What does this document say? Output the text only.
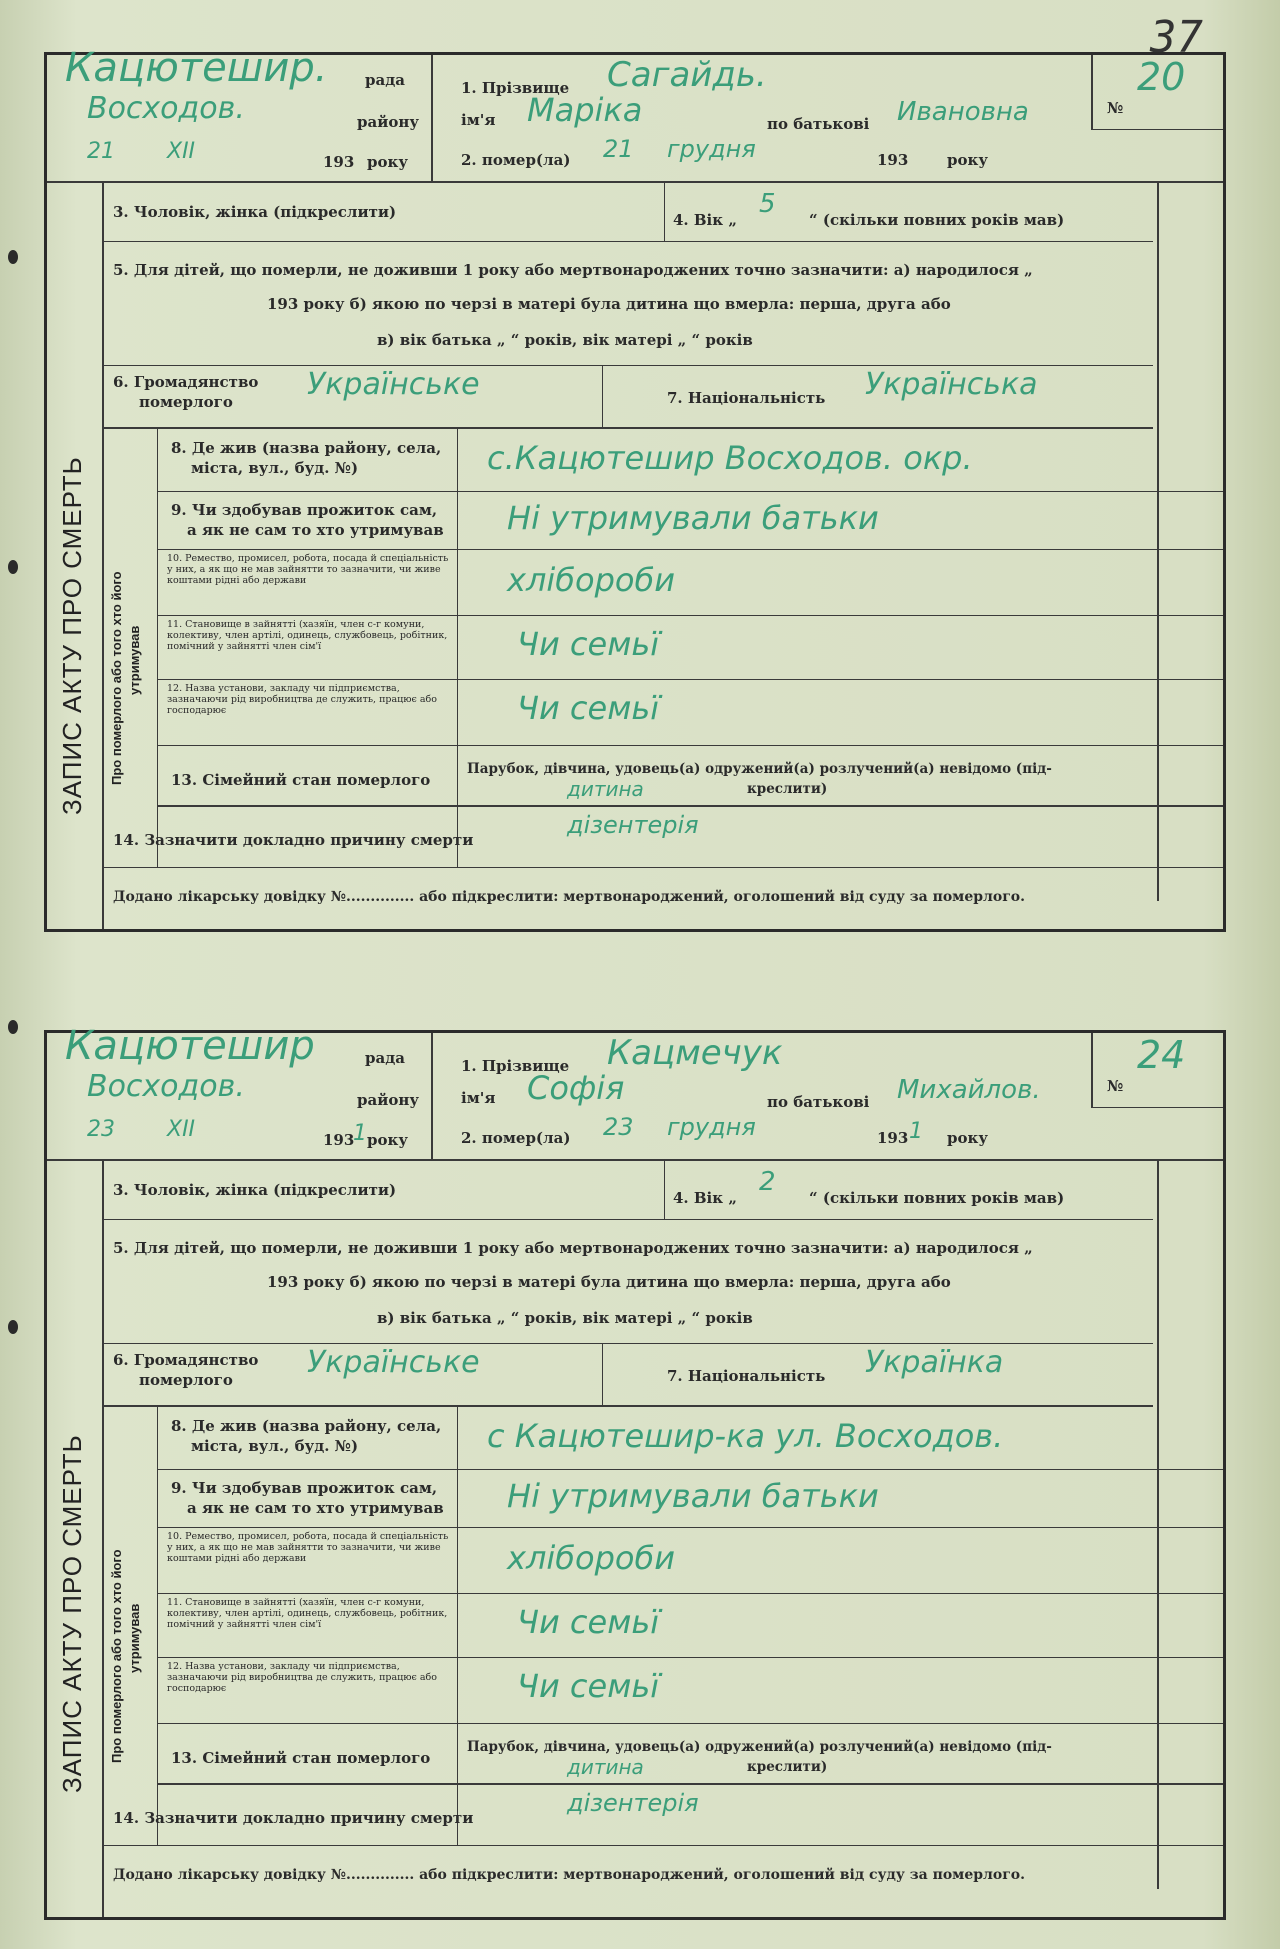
37
Кацютешир.	рада
Восходов.	району
21 XII	193 року
1. Прізвище Сагайдь.
ім'я Марiка	по батькові Ивановна	№
20
2. помер(ла) 21 грудня	193	року
ЗАПИС АКТУ ПРО СМЕРТЬ Про померлого або того хто його утримував
3. Чоловік, жінка (підкреслити)	4. Вік „
5
“ (скільки повних років мав)
5. Для дітей, що померли, не доживши 1 року або мертвонароджених точно зазначити: а) народилося „
193 року б) якою по черзі в матері була дитина що вмерла: перша, друга або
в) вік батька „ “ років, вік матері „ “ років
6. Громадянство
померлого Українське	7. Національність Українська
8. Де жив (назва району, села,
міста, вул., буд. №)	с.Кацютешир Восходов. окр.
9. Чи здобував прожиток сам,
а як не сам то хто утримував Ні утримували батьки
10. Ремество, промисел, робота, посада й спеціальність у них, а як що не мав зайнятти то зазначити, чи живе коштами рідні або держави	хлібороби
11. Становище в зайнятті (хазяїн, член с-г комуни, колективу, член артілі, одинець, службовець, робітник, помічний у зайнятті член сім'ї	Чи семьї
12. Назва установи, закладу чи підприємства, зазначаючи рід виробництва де служить, працює або господарює	Чи семьї
13. Сімейний стан померлого
Парубок, дівчина, удовець(а) одружений(а) розлучений(а) невідомо (під-
креслити)
дитина
14. Зазначити докладно причину смерти
дізентерія
Додано лікарську довідку №.............. або підкреслити: мертвонароджений, оголошений від суду за померлого.
Кацютешир	рада
Восходов.	району
23 XII	193
1 року
1. Прізвище Кацмечук
ім'я Софiя	по батькові Михайлов.	№
24
2. помер(ла) 23 грудня	193 1 року
ЗАПИС АКТУ ПРО СМЕРТЬ Про померлого або того хто його утримував
3. Чоловік, жінка (підкреслити)	4. Вік „
2
“ (скільки повних років мав)
5. Для дітей, що померли, не доживши 1 року або мертвонароджених точно зазначити: а) народилося „
193 року б) якою по черзі в матері була дитина що вмерла: перша, друга або
в) вік батька „ “ років, вік матері „ “ років
6. Громадянство
померлого Українське	7. Національність Українка
8. Де жив (назва району, села,
міста, вул., буд. №)	с Кацютешир-ка ул. Восходов.
9. Чи здобував прожиток сам,
а як не сам то хто утримував Ні утримували батьки
10. Ремество, промисел, робота, посада й спеціальність у них, а як що не мав зайнятти то зазначити, чи живе коштами рідні або держави	хлібороби
11. Становище в зайнятті (хазяїн, член с-г комуни, колективу, член артілі, одинець, службовець, робітник, помічний у зайнятті член сім'ї	Чи семьї
12. Назва установи, закладу чи підприємства, зазначаючи рід виробництва де служить, працює або господарює	Чи семьї
13. Сімейний стан померлого
Парубок, дівчина, удовець(а) одружений(а) розлучений(а) невідомо (під-
креслити)
дитина
14. Зазначити докладно причину смерти
дізентерія
Додано лікарську довідку №.............. або підкреслити: мертвонароджений, оголошений від суду за померлого.
